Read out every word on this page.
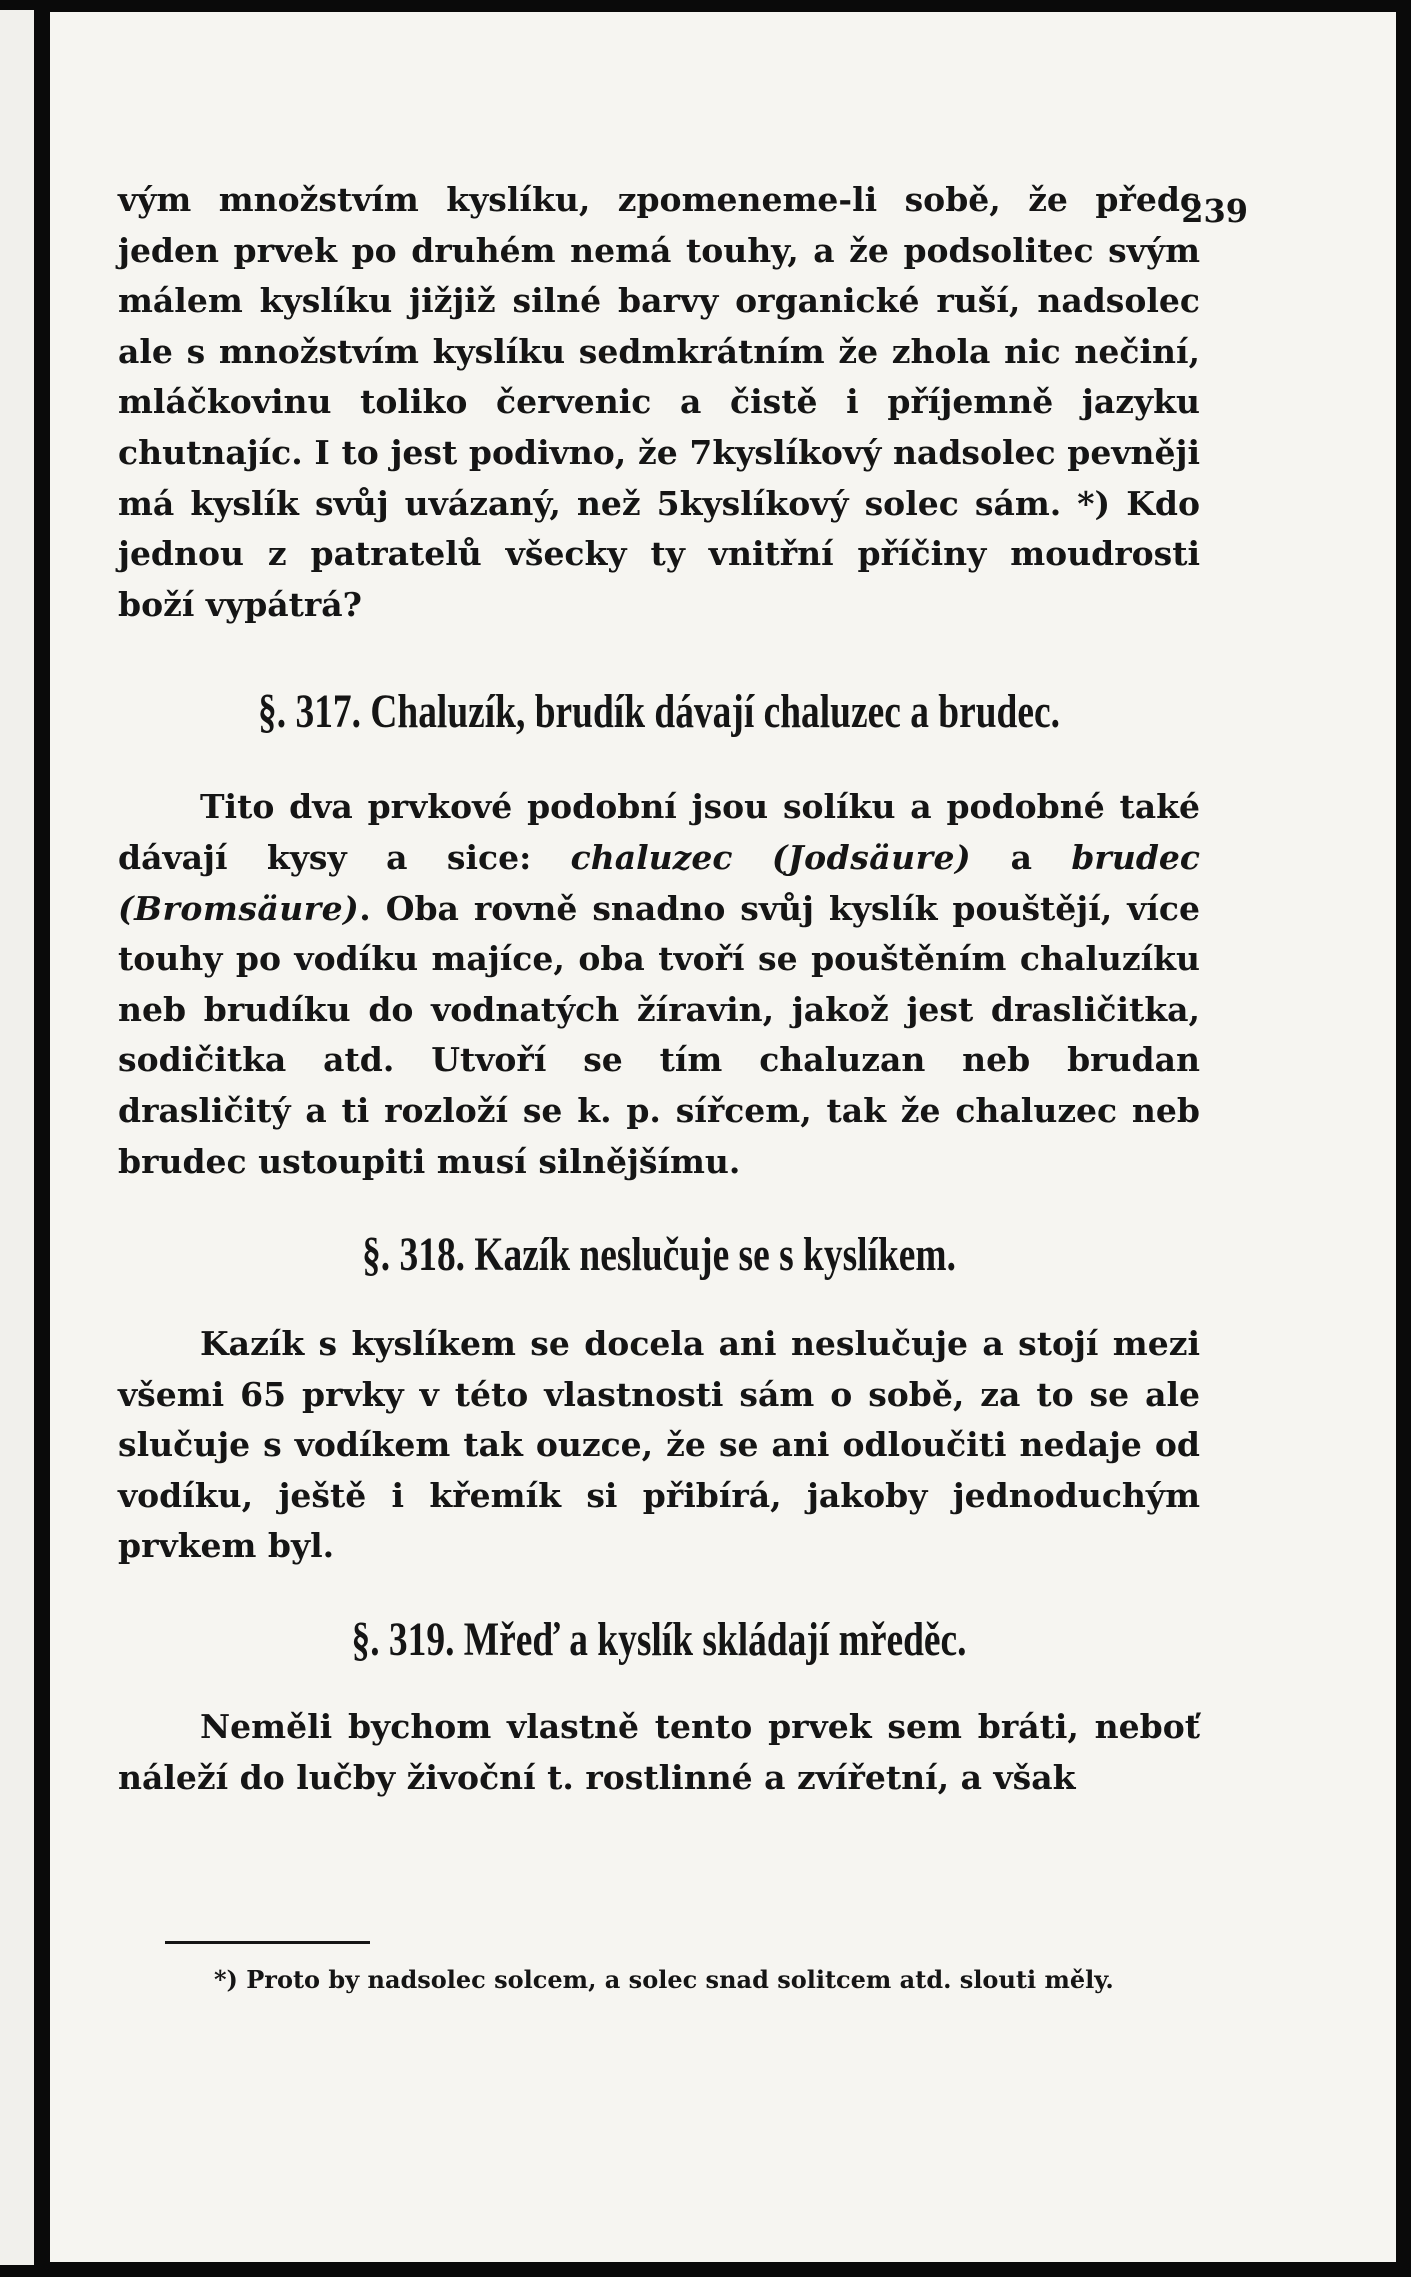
239

vým množstvím kyslíku, zpomeneme-li sobě, že předc jeden prvek po druhém nemá touhy, a že podsolitec svým málem kyslíku jižjiž silné barvy organické ruší, nadsolec ale s množstvím kyslíku sedmkrátním že zhola nic nečiní, mláčkovinu toliko červenic a čistě i příjemně jazyku chutnajíc. I to jest podivno, že 7kyslíkový nadsolec pevněji má kyslík svůj uvázaný, než 5kyslíkový solec sám. *) Kdo jednou z patratelů všecky ty vnitřní příčiny moudrosti boží vypátrá?

§. 317. Chaluzík, brudík dávají chaluzec a brudec.

Tito dva prvkové podobní jsou solíku a podobné také dávají kysy a sice: chaluzec (Jodsäure) a brudec (Bromsäure). Oba rovně snadno svůj kyslík pouštějí, více touhy po vodíku majíce, oba tvoří se pouštěním chaluzíku neb brudíku do vodnatých žíravin, jakož jest drasličitka, sodičitka atd. Utvoří se tím chaluzan neb brudan drasličitý a ti rozloží se k. p. sířcem, tak že chaluzec neb brudec ustoupiti musí silnějšímu.

§. 318. Kazík neslučuje se s kyslíkem.

Kazík s kyslíkem se docela ani neslučuje a stojí mezi všemi 65 prvky v této vlastnosti sám o sobě, za to se ale slučuje s vodíkem tak ouzce, že se ani odloučiti nedaje od vodíku, ještě i křemík si přibírá, jakoby jednoduchým prvkem byl.

§. 319. Mřeď a kyslík skládají mředěc.

Neměli bychom vlastně tento prvek sem bráti, neboť náleží do lučby živoční t. rostlinné a zvířetní, a však

*) Proto by nadsolec solcem, a solec snad solitcem atd. slouti měly.
